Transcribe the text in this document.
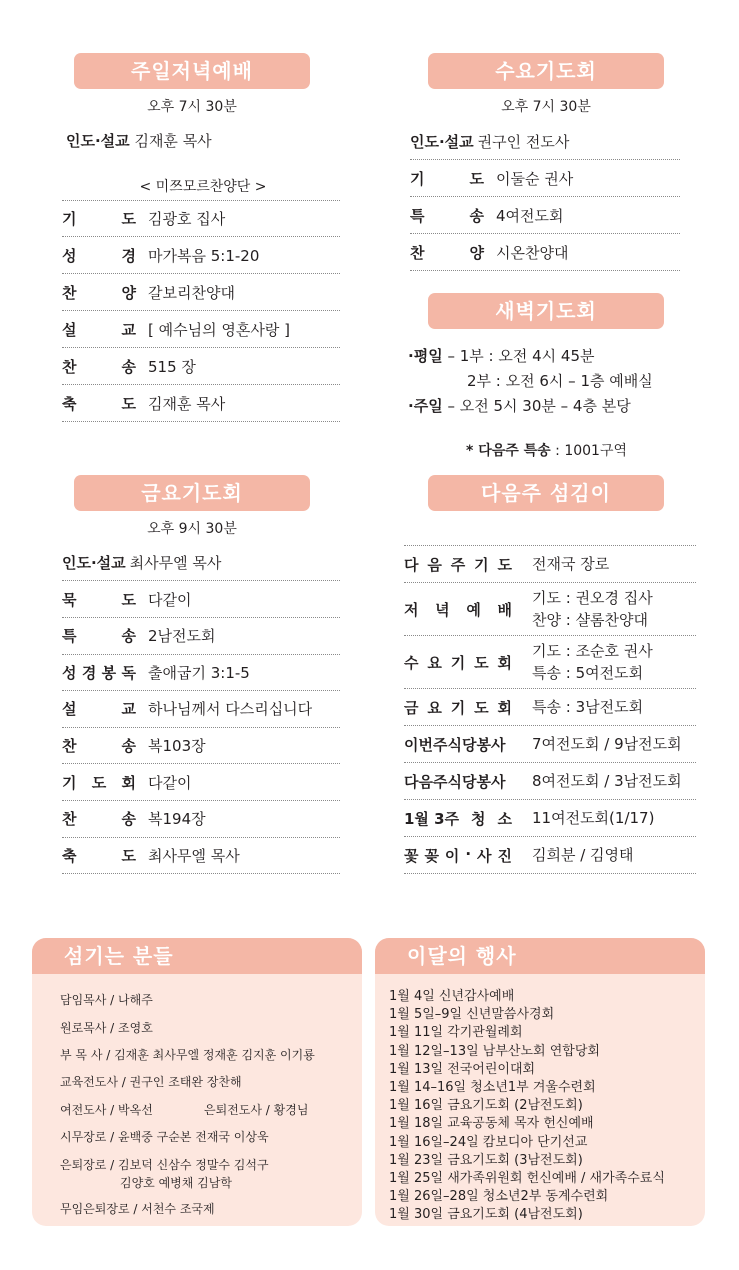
주일저녁예배
오후 7시 30분
인도·설교 김재훈 목사
< 미쯔모르찬양단 >
기	도 김광호 집사
성	경 마가복음 5:1-20
찬	양 갈보리찬양대
설	교 [ 예수님의 영혼사랑 ]
찬	송 515 장
축	도 김재훈 목사
수요기도회
오후 7시 30분
인도·설교 권구인 전도사
기	도 이둘순 권사
특	송 4여전도회
찬	양 시온찬양대
새벽기도회
·평일 – 1부 : 오전 4시 45분
2부 : 오전 6시 – 1층 예배실
·주일 – 오전 5시 30분 – 4층 본당
* 다음주 특송 : 1001구역
금요기도회
오후 9시 30분
인도·설교 최사무엘 목사
묵	도 다같이
특	송 2남전도회
성 경 봉 독 출애굽기 3:1-5
설	교 하나님께서 다스리십니다
찬	송 복103장
기 도 회 다같이
찬	송 복194장
축	도 최사무엘 목사
다음주 섬김이
다 음 주 기 도 전재국 장로
저 녁 예 배
기도 : 권오경 집사
찬양 : 샬롬찬양대
수 요 기 도 회
기도 : 조순호 권사
특송 : 5여전도회
금 요 기 도 회 특송 : 3남전도회
이번주식당봉사 7여전도회 / 9남전도회
다음주식당봉사 8여전도회 / 3남전도회
1월 3주 청 소 11여전도회(1/17)
꽃 꽂 이 · 사 진 김희분 / 김영태
섬기는 분들
담임목사 / 나해주
원로목사 / 조영호
부 목 사 / 김재훈 최사무엘 정재훈 김지훈 이기룡
교육전도사 / 권구인 조태완 장찬해
여전도사 / 박옥선	은퇴전도사 / 황경님
시무장로 / 윤백중 구순본 전재국 이상욱
은퇴장로 / 김보덕 신삼수 정말수 김석구
김양호 예병채 김남학
무임은퇴장로 / 서천수 조국제
이달의 행사
1월 4일 신년감사예배
1월 5일–9일 신년말씀사경회
1월 11일 각기관월례회
1월 12일–13일 남부산노회 연합당회
1월 13일 전국어린이대회
1월 14–16일 청소년1부 겨울수련회
1월 16일 금요기도회 (2남전도회)
1월 18일 교육공동체 목자 헌신예배
1월 16일–24일 캄보디아 단기선교
1월 23일 금요기도회 (3남전도회)
1월 25일 새가족위원회 헌신예배 / 새가족수료식
1월 26일–28일 청소년2부 동계수련회
1월 30일 금요기도회 (4남전도회)
